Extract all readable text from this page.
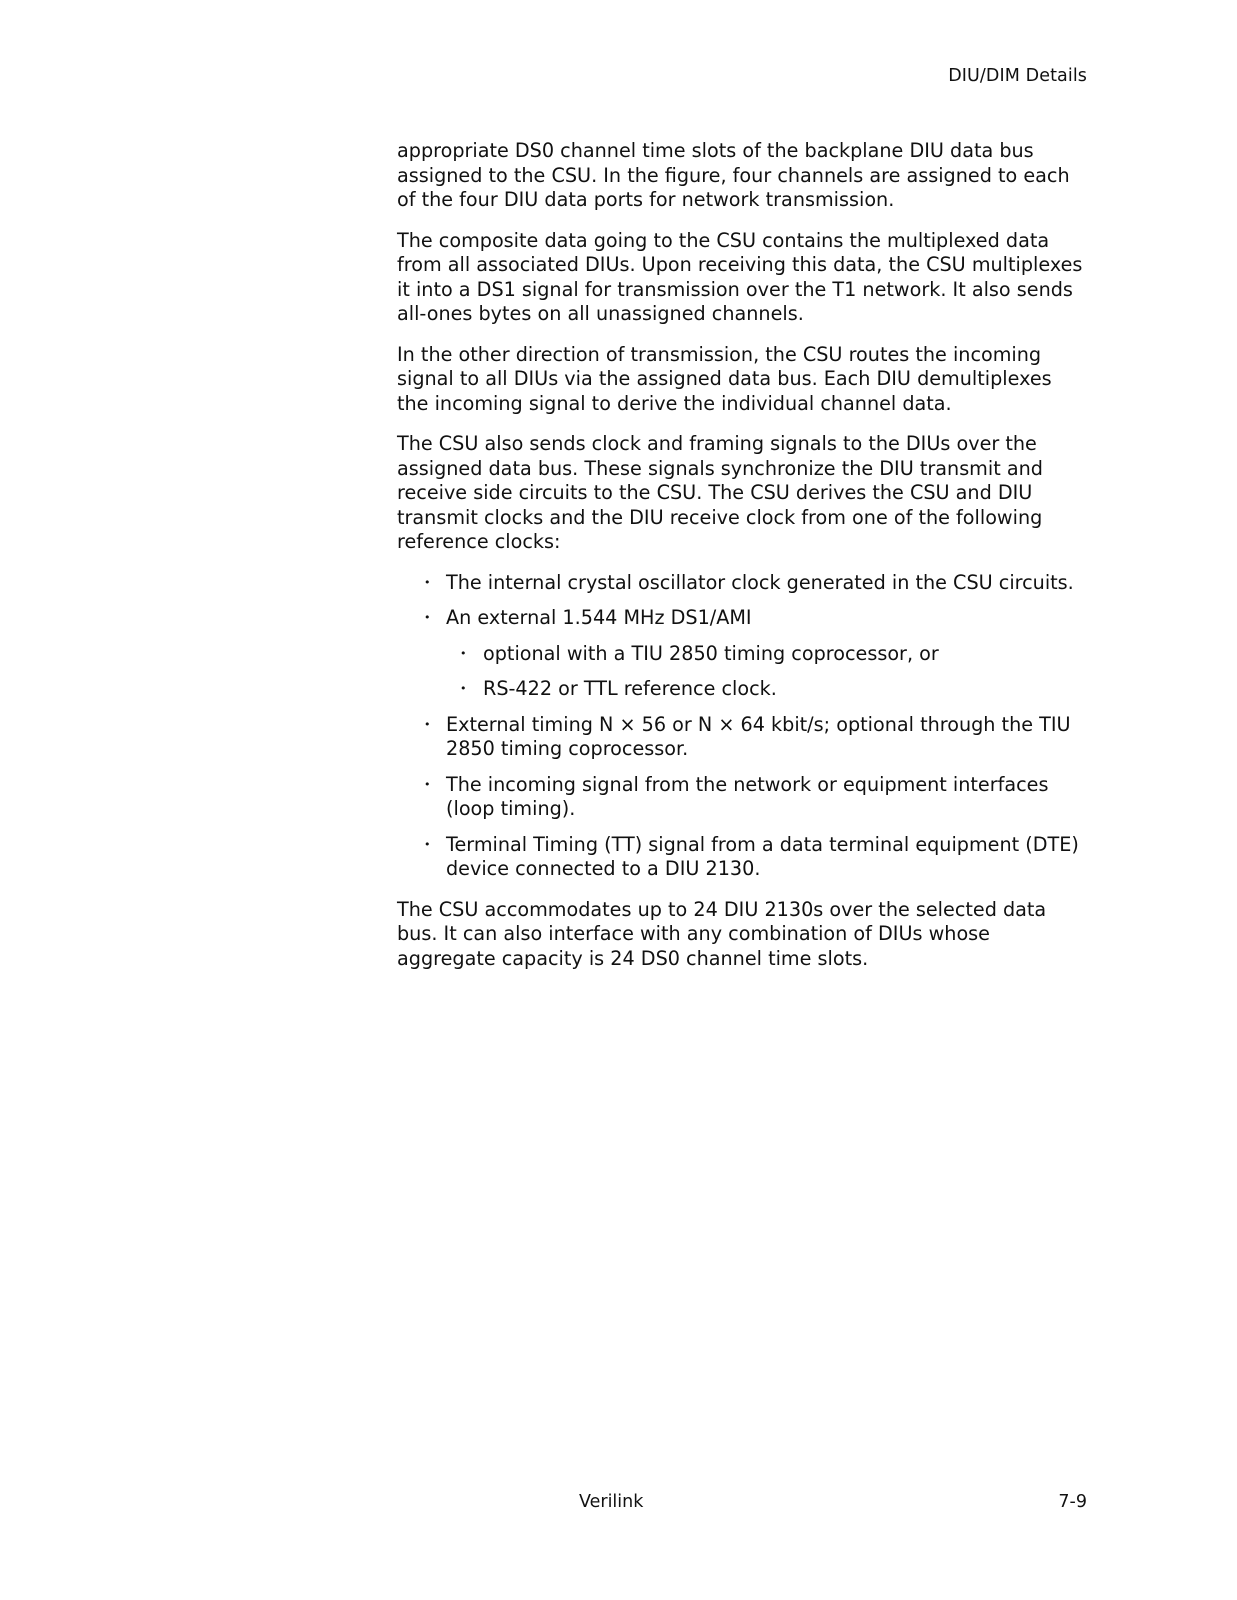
DIU/DIM Details

appropriate DS0 channel time slots of the backplane DIU data bus assigned to the CSU. In the figure, four channels are assigned to each of the four DIU data ports for network transmission.

The composite data going to the CSU contains the multiplexed data from all associated DIUs. Upon receiving this data, the CSU multiplexes it into a DS1 signal for transmission over the T1 network. It also sends all-ones bytes on all unassigned channels.

In the other direction of transmission, the CSU routes the incoming signal to all DIUs via the assigned data bus. Each DIU demultiplexes the incoming signal to derive the individual channel data.

The CSU also sends clock and framing signals to the DIUs over the assigned data bus. These signals synchronize the DIU transmit and receive side circuits to the CSU. The CSU derives the CSU and DIU transmit clocks and the DIU receive clock from one of the following reference clocks:

• The internal crystal oscillator clock generated in the CSU circuits.
• An external 1.544 MHz DS1/AMI
• optional with a TIU 2850 timing coprocessor, or
• RS-422 or TTL reference clock.
• External timing N × 56 or N × 64 kbit/s; optional through the TIU 2850 timing coprocessor.
• The incoming signal from the network or equipment interfaces (loop timing).
• Terminal Timing (TT) signal from a data terminal equipment (DTE) device connected to a DIU 2130.

The CSU accommodates up to 24 DIU 2130s over the selected data bus. It can also interface with any combination of DIUs whose aggregate capacity is 24 DS0 channel time slots.

Verilink	7-9
